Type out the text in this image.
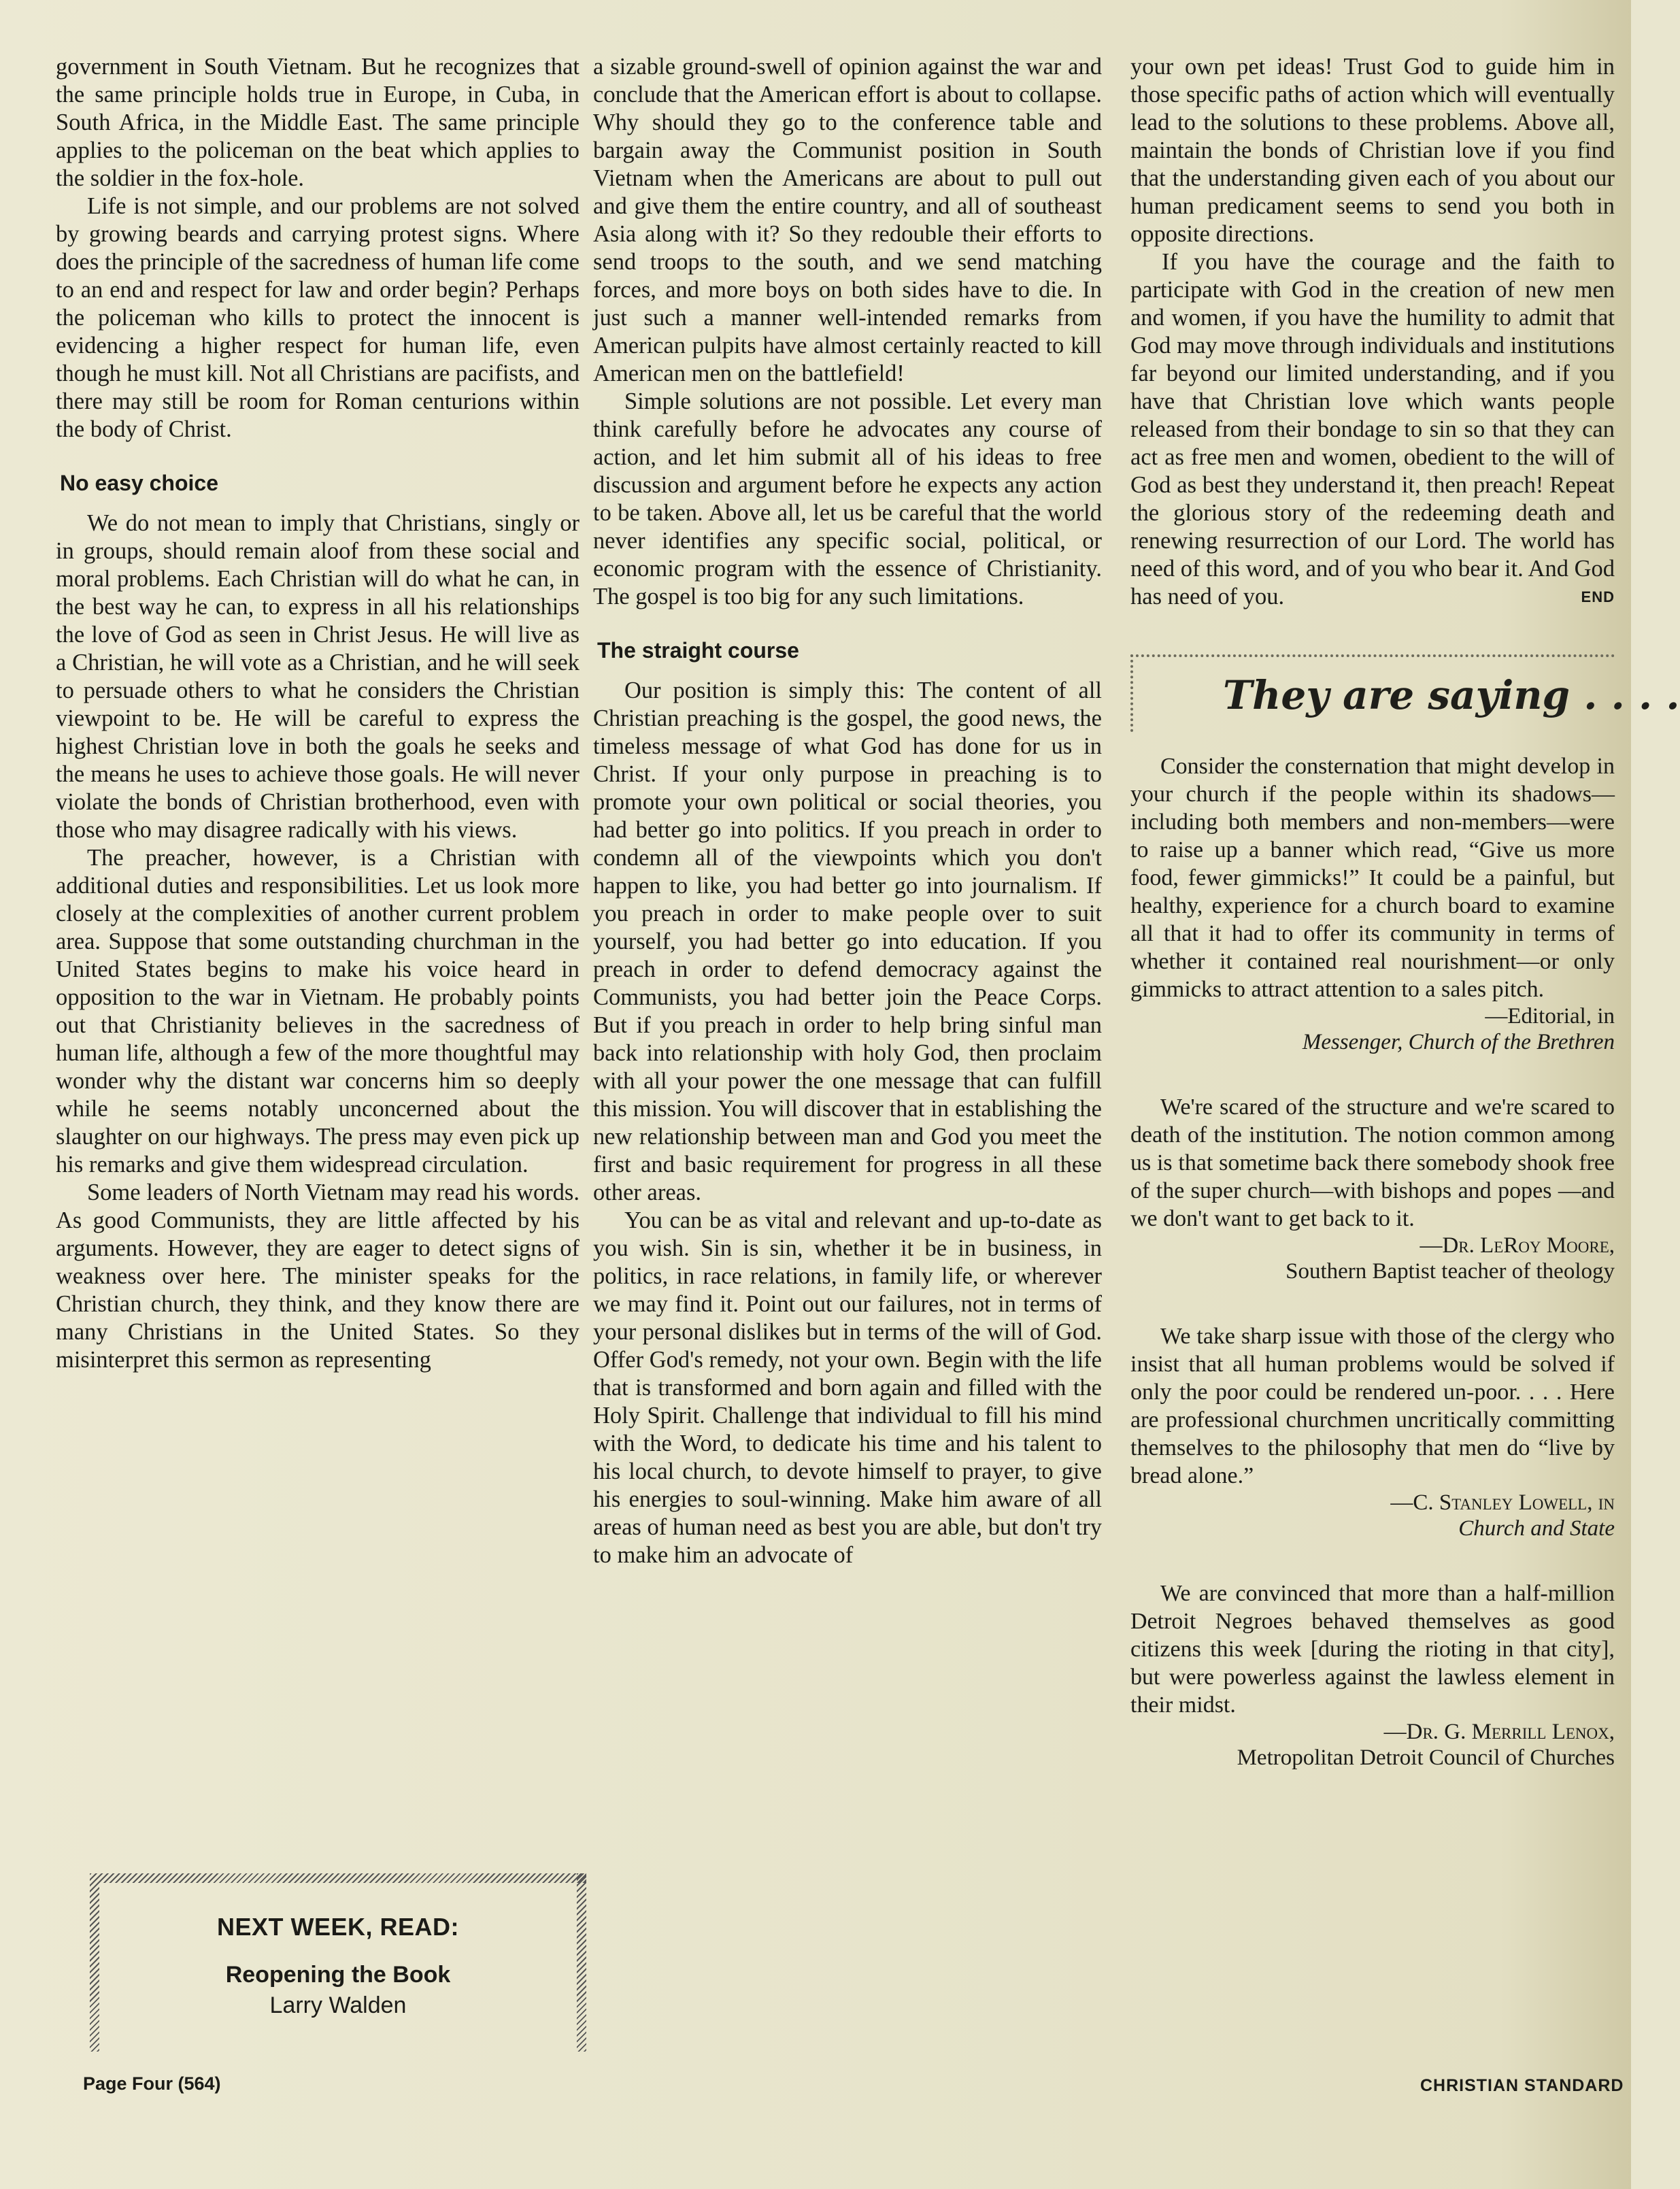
government in South Vietnam. But he recognizes that the same principle holds true in Europe, in Cuba, in South Africa, in the Middle East. The same principle applies to the policeman on the beat which applies to the soldier in the fox-hole.

Life is not simple, and our problems are not solved by growing beards and carrying protest signs. Where does the principle of the sacredness of human life come to an end and respect for law and order begin? Perhaps the policeman who kills to protect the innocent is evidencing a higher respect for human life, even though he must kill. Not all Christians are pacifists, and there may still be room for Roman centurions within the body of Christ.

No easy choice

We do not mean to imply that Christians, singly or in groups, should remain aloof from these social and moral problems. Each Christian will do what he can, in the best way he can, to express in all his relationships the love of God as seen in Christ Jesus. He will live as a Christian, he will vote as a Christian, and he will seek to persuade others to what he considers the Christian viewpoint to be. He will be careful to express the highest Christian love in both the goals he seeks and the means he uses to achieve those goals. He will never violate the bonds of Christian brotherhood, even with those who may disagree radically with his views.

The preacher, however, is a Christian with additional duties and responsibilities. Let us look more closely at the complexities of another current problem area. Suppose that some outstanding churchman in the United States begins to make his voice heard in opposition to the war in Vietnam. He probably points out that Christianity believes in the sacredness of human life, although a few of the more thoughtful may wonder why the distant war concerns him so deeply while he seems notably unconcerned about the slaughter on our highways. The press may even pick up his remarks and give them widespread circulation.

Some leaders of North Vietnam may read his words. As good Communists, they are little affected by his arguments. However, they are eager to detect signs of weakness over here. The minister speaks for the Christian church, they think, and they know there are many Christians in the United States. So they misinterpret this sermon as representing

NEXT WEEK, READ:
Reopening the Book
Larry Walden

a sizable ground-swell of opinion against the war and conclude that the American effort is about to collapse. Why should they go to the conference table and bargain away the Communist position in South Vietnam when the Americans are about to pull out and give them the entire country, and all of southeast Asia along with it? So they redouble their efforts to send troops to the south, and we send matching forces, and more boys on both sides have to die. In just such a manner well-intended remarks from American pulpits have almost certainly reacted to kill American men on the battlefield!

Simple solutions are not possible. Let every man think carefully before he advocates any course of action, and let him submit all of his ideas to free discussion and argument before he expects any action to be taken. Above all, let us be careful that the world never identifies any specific social, political, or economic program with the essence of Christianity. The gospel is too big for any such limitations.

The straight course

Our position is simply this: The content of all Christian preaching is the gospel, the good news, the timeless message of what God has done for us in Christ. If your only purpose in preaching is to promote your own political or social theories, you had better go into politics. If you preach in order to condemn all of the viewpoints which you don't happen to like, you had better go into journalism. If you preach in order to make people over to suit yourself, you had better go into education. If you preach in order to defend democracy against the Communists, you had better join the Peace Corps. But if you preach in order to help bring sinful man back into relationship with holy God, then proclaim with all your power the one message that can fulfill this mission. You will discover that in establishing the new relationship between man and God you meet the first and basic requirement for progress in all these other areas.

You can be as vital and relevant and up-to-date as you wish. Sin is sin, whether it be in business, in politics, in race relations, in family life, or wherever we may find it. Point out our failures, not in terms of your personal dislikes but in terms of the will of God. Offer God's remedy, not your own. Begin with the life that is transformed and born again and filled with the Holy Spirit. Challenge that individual to fill his mind with the Word, to dedicate his time and his talent to his local church, to devote himself to prayer, to give his energies to soul-winning. Make him aware of all areas of human need as best you are able, but don't try to make him an advocate of

your own pet ideas! Trust God to guide him in those specific paths of action which will eventually lead to the solutions to these problems. Above all, maintain the bonds of Christian love if you find that the understanding given each of you about our human predicament seems to send you both in opposite directions.

If you have the courage and the faith to participate with God in the creation of new men and women, if you have the humility to admit that God may move through individuals and institutions far beyond our limited understanding, and if you have that Christian love which wants people released from their bondage to sin so that they can act as free men and women, obedient to the will of God as best they understand it, then preach! Repeat the glorious story of the redeeming death and renewing resurrection of our Lord. The world has need of this word, and of you who bear it. And God has need of you.	END

They are saying . . . .

Consider the consternation that might develop in your church if the people within its shadows—including both members and non-members—were to raise up a banner which read, “Give us more food, fewer gimmicks!” It could be a painful, but healthy, experience for a church board to examine all that it had to offer its community in terms of whether it contained real nourishment—or only gimmicks to attract attention to a sales pitch.

—Editorial, in

Messenger, Church of the Brethren

We're scared of the structure and we're scared to death of the institution. The notion common among us is that sometime back there somebody shook free of the super church—with bishops and popes —and we don't want to get back to it.

—Dr. LeRoy Moore,

Southern Baptist teacher of theology

We take sharp issue with those of the clergy who insist that all human problems would be solved if only the poor could be rendered un-poor. . . . Here are professional churchmen uncritically committing themselves to the philosophy that men do “live by bread alone.”

—C. Stanley Lowell, in

Church and State

We are convinced that more than a half-million Detroit Negroes behaved themselves as good citizens this week [during the rioting in that city], but were powerless against the lawless element in their midst.

—Dr. G. Merrill Lenox,

Metropolitan Detroit Council of Churches

Page Four (564)	CHRISTIAN STANDARD
